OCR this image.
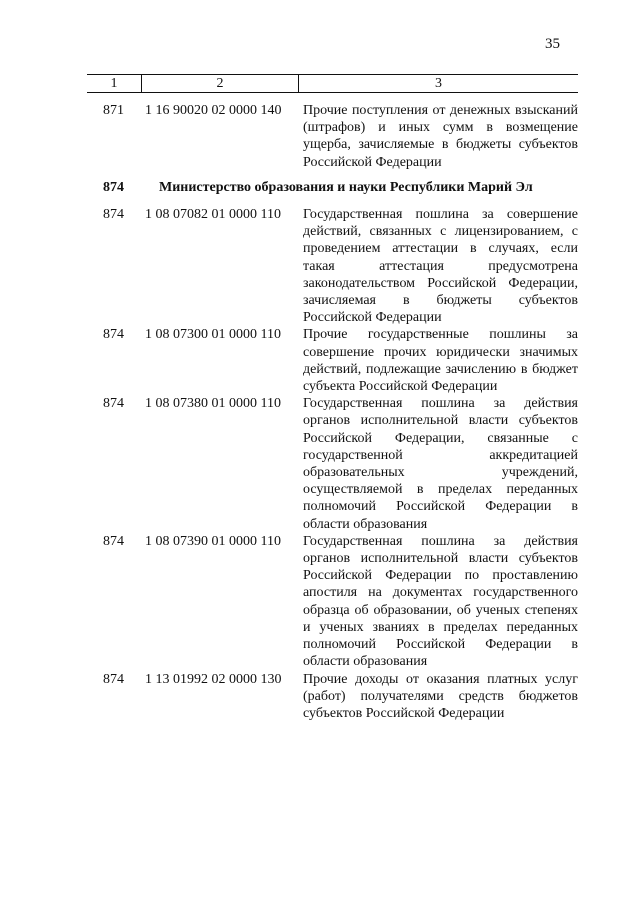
35
1	2	3
871	1 16 90020 02 0000 140	Прочие поступления от денежных взысканий (штрафов) и иных сумм в возмещение ущерба, зачисляемые в бюджеты субъектов Российской Федерации
874	Министерство образования и науки Республики Марий Эл
874	1 08 07082 01 0000 110	Государственная пошлина за совершение действий, связанных с лицензированием, с проведением аттестации в случаях, если такая аттестация предусмотрена законодательством Российской Федерации, зачисляемая в бюджеты субъектов Российской Федерации
874	1 08 07300 01 0000 110	Прочие государственные пошлины за совершение прочих юридически значимых действий, подлежащие зачислению в бюджет субъекта Российской Федерации
874	1 08 07380 01 0000 110	Государственная пошлина за действия органов исполнительной власти субъектов Российской Федерации, связанные с государственной аккредитацией образовательных учреждений, осуществляемой в пределах переданных полномочий Российской Федерации в области образования
874	1 08 07390 01 0000 110	Государственная пошлина за действия органов исполнительной власти субъектов Российской Федерации по проставлению апостиля на документах государственного образца об образовании, об ученых степенях и ученых званиях в пределах переданных полномочий Российской Федерации в области образования
874	1 13 01992 02 0000 130	Прочие доходы от оказания платных услуг (работ) получателями средств бюджетов субъектов Российской Федерации
